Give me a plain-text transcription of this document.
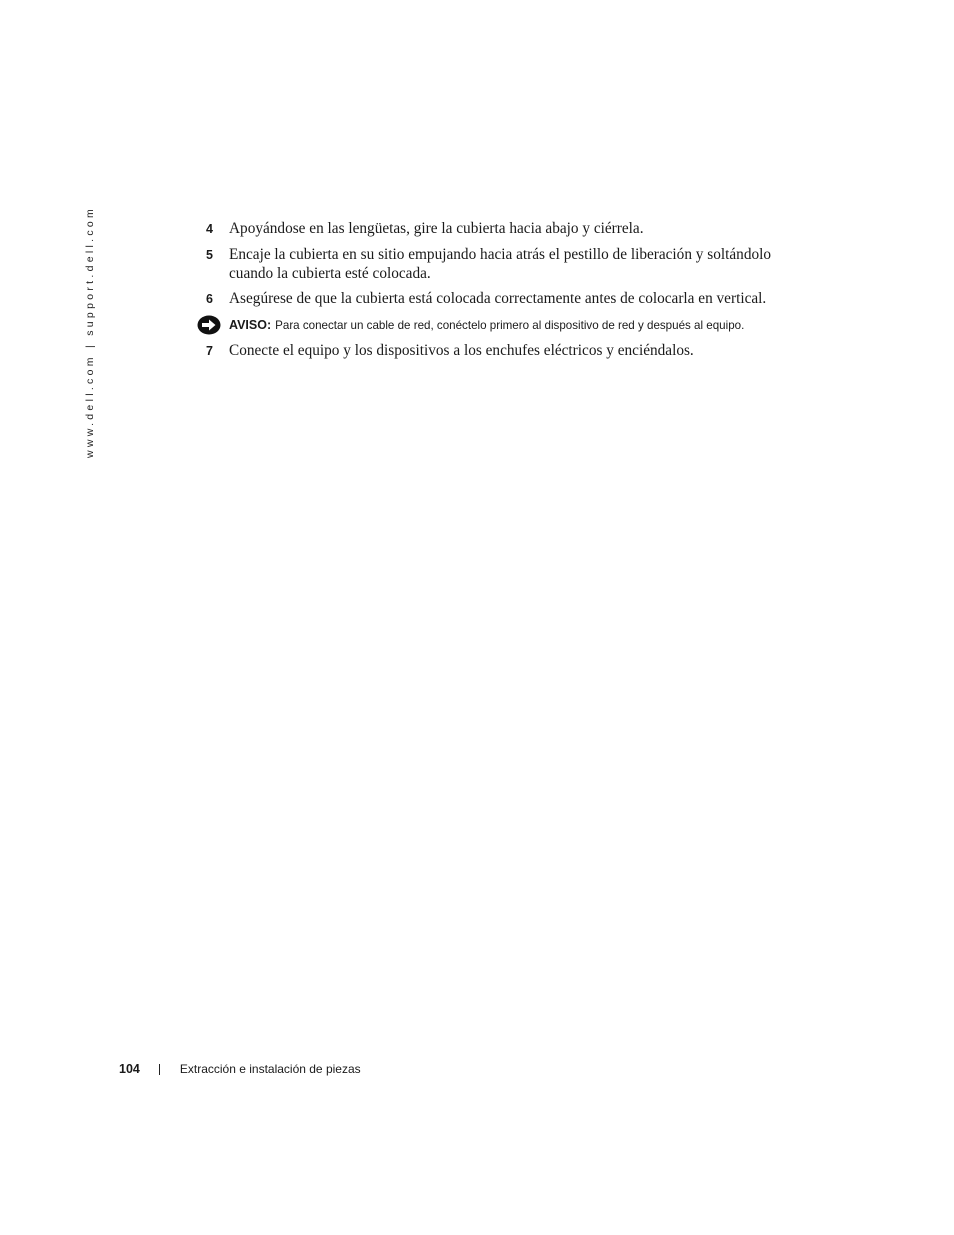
www.dell.com | support.dell.com	4	Apoyándose en las lengüetas, gire la cubierta hacia abajo y ciérrela.
5	Encaje la cubierta en su sitio empujando hacia atrás el pestillo de liberación y soltándolo cuando la cubierta esté colocada.
6	Asegúrese de que la cubierta está colocada correctamente antes de colocarla en vertical.
AVISO: Para conectar un cable de red, conéctelo primero al dispositivo de red y después al equipo.
7	Conecte el equipo y los dispositivos a los enchufes eléctricos y enciéndalos.
104	Extracción e instalación de piezas
